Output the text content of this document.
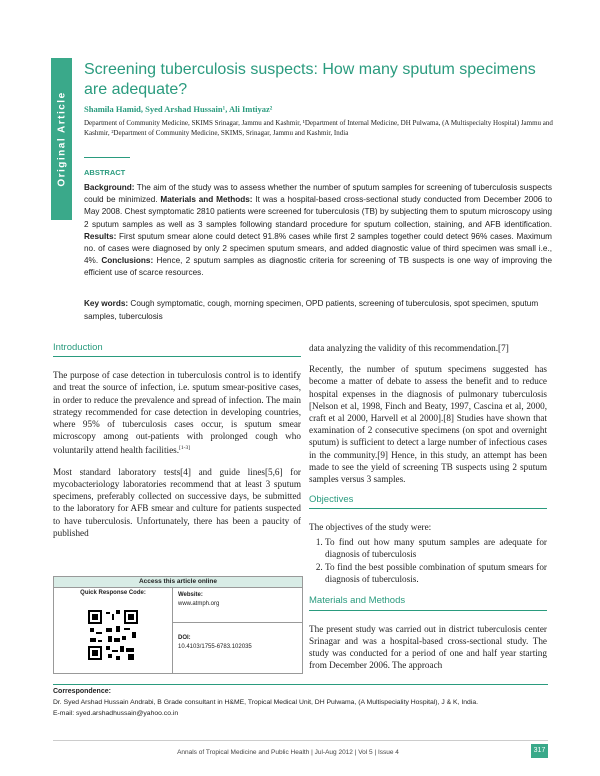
Original Article
Screening tuberculosis suspects: How many sputum specimens are adequate?
Shamila Hamid, Syed Arshad Hussain¹, Ali Imtiyaz²
Department of Community Medicine, SKIMS Srinagar, Jammu and Kashmir, ¹Department of Internal Medicine, DH Pulwama, (A Multispecialty Hospital) Jammu and Kashmir, ²Department of Community Medicine, SKIMS, Srinagar, Jammu and Kashmir, India
ABSTRACT
Background: The aim of the study was to assess whether the number of sputum samples for screening of tuberculosis suspects could be minimized. Materials and Methods: It was a hospital-based cross-sectional study conducted from December 2006 to May 2008. Chest symptomatic 2810 patients were screened for tuberculosis (TB) by subjecting them to sputum microscopy using 2 sputum samples as well as 3 samples following standard procedure for sputum collection, staining, and AFB identification. Results: First sputum smear alone could detect 91.8% cases while first 2 samples together could detect 96% cases. Maximum no. of cases were diagnosed by only 2 specimen sputum smears, and added diagnostic value of third specimen was small i.e., 4%. Conclusions: Hence, 2 sputum samples as diagnostic criteria for screening of TB suspects is one way of improving the efficient use of scarce resources.
Key words: Cough symptomatic, cough, morning specimen, OPD patients, screening of tuberculosis, spot specimen, sputum samples, tuberculosis
Introduction

The purpose of case detection in tuberculosis control is to identify and treat the source of infection, i.e. sputum smear-positive cases, in order to reduce the prevalence and spread of infection. The main strategy recommended for case detection in developing countries, where 95% of tuberculosis cases occur, is sputum smear microscopy among out-patients with prolonged cough who voluntarily attend health facilities.[1-3]

Most standard laboratory tests[4] and guide lines[5,6] for mycobacteriology laboratories recommend that at least 3 sputum specimens, preferably collected on successive days, be submitted to the laboratory for AFB smear and culture for patients suspected to have tuberculosis. Unfortunately, there has been a paucity of published

Access this article online
Quick Response Code:	Website:
www.atmph.org
DOI:
10.4103/1755-6783.102035

data analyzing the validity of this recommendation.[7]

Recently, the number of sputum specimens suggested has become a matter of debate to assess the benefit and to reduce hospital expenses in the diagnosis of pulmonary tuberculosis [Nelson et al, 1998, Finch and Beaty, 1997, Cascina et al, 2000, craft et al 2000, Harvell et al 2000].[8] Studies have shown that examination of 2 consecutive specimens (on spot and overnight sputum) is sufficient to detect a large number of infectious cases in the community.[9] Hence, in this study, an attempt has been made to see the yield of screening TB suspects using 2 sputum samples versus 3 samples.

Objectives

The objectives of the study were:

1. To find out how many sputum samples are adequate for diagnosis of tuberculosis
2. To find the best possible combination of sputum smears for diagnosis of tuberculosis.
Materials and Methods

The present study was carried out in district tuberculosis center Srinagar and was a hospital-based cross-sectional study. The study was conducted for a period of one and half year starting from December 2006. The approach

Correspondence:
Dr. Syed Arshad Hussain Andrabi, B Grade consultant in H&ME, Tropical Medical Unit, DH Pulwama, (A Multispeciality Hospital), J & K, India.
E-mail: syed.arshadhussain@yahoo.co.in
Annals of Tropical Medicine and Public Health | Jul-Aug 2012 | Vol 5 | Issue 4	317
